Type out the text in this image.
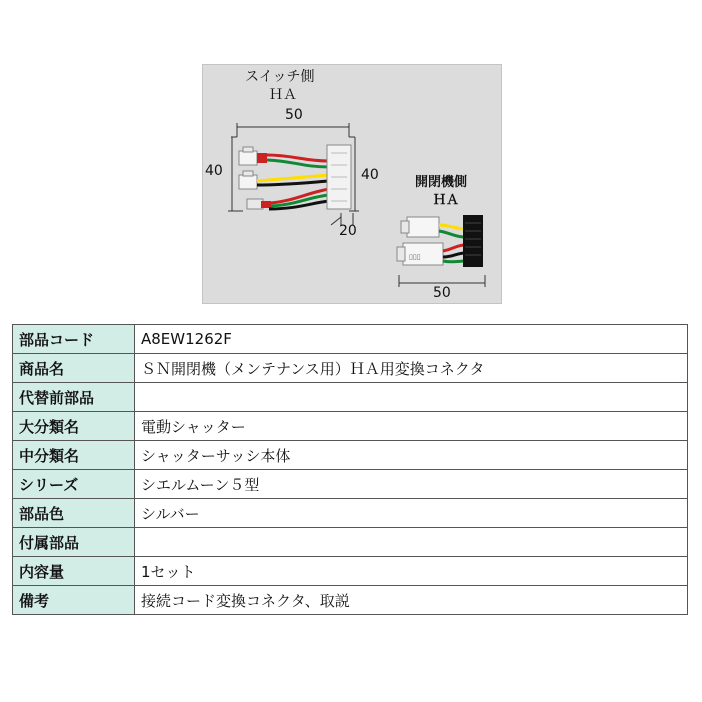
▯▯▯
スイッチ側
ＨＡ
50
40	40
20
開閉機側
ＨＡ
50
部品コード	A8EW1262F
商品名	ＳＮ開閉機（メンテナンス用）ＨＡ用変換コネクタ
代替前部品	
大分類名	電動シャッター
中分類名	シャッターサッシ本体
シリーズ	シエルムーン５型
部品色	シルバー
付属部品	
内容量	1セット
備考	接続コード変換コネクタ、取説
